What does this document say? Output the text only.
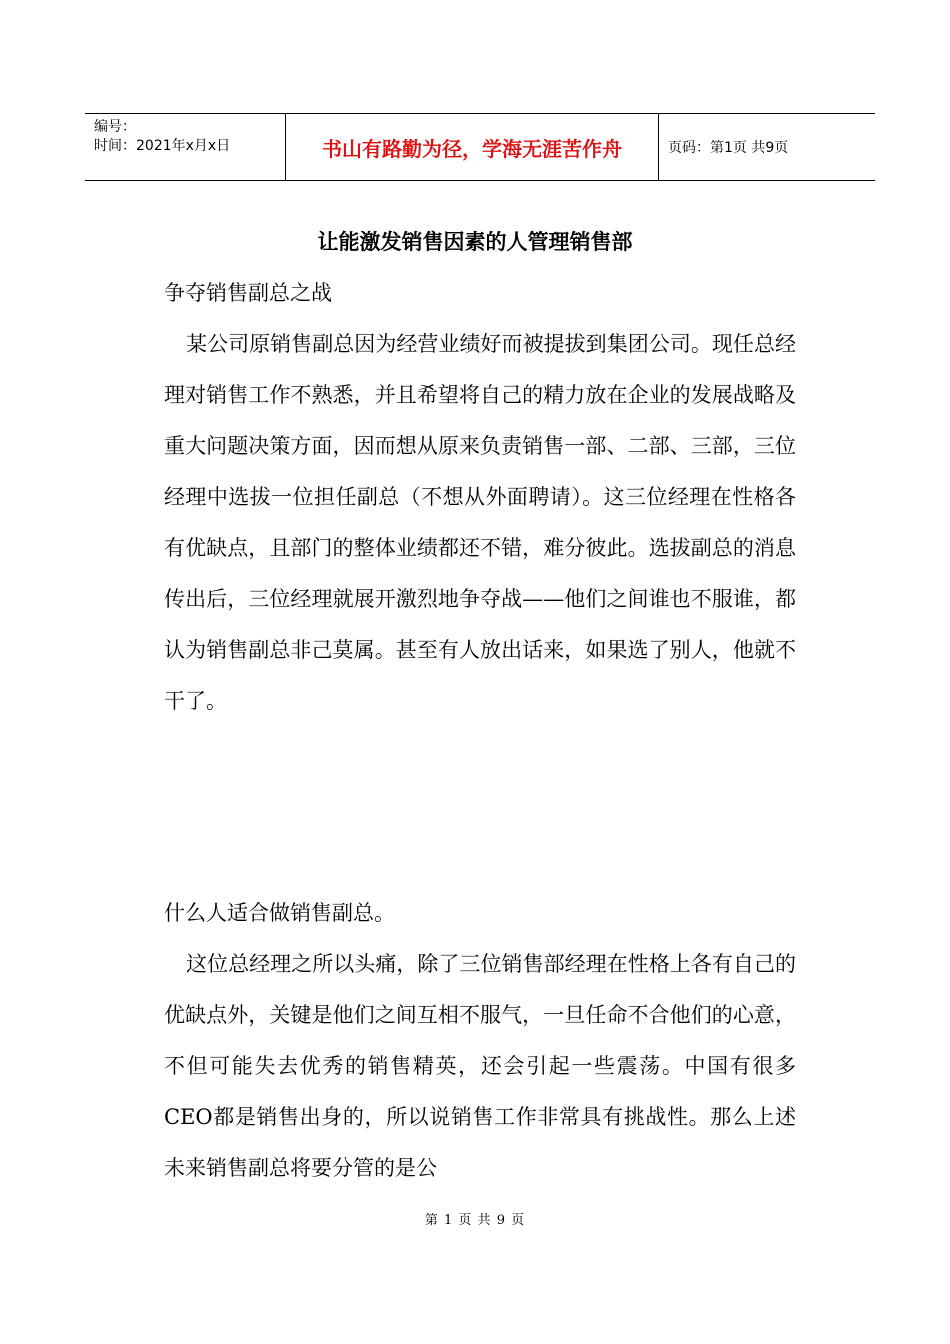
编号：
时间：2021年x月x日	书山有路勤为径，学海无涯苦作舟	页码：第1页 共9页
让能激发销售因素的人管理销售部

争夺销售副总之战

某公司原销售副总因为经营业绩好而被提拔到集团公司。现任总经理对销售工作不熟悉，并且希望将自己的精力放在企业的发展战略及重大问题决策方面，因而想从原来负责销售一部、二部、三部，三位经理中选拔一位担任副总（不想从外面聘请）。这三位经理在性格各有优缺点，且部门的整体业绩都还不错，难分彼此。选拔副总的消息传出后，三位经理就展开激烈地争夺战——他们之间谁也不服谁，都认为销售副总非己莫属。甚至有人放出话来，如果选了别人，他就不干了。

什么人适合做销售副总。

这位总经理之所以头痛，除了三位销售部经理在性格上各有自己的优缺点外，关键是他们之间互相不服气，一旦任命不合他们的心意，不但可能失去优秀的销售精英，还会引起一些震荡。中国有很多CEO都是销售出身的，所以说销售工作非常具有挑战性。那么上述未来销售副总将要分管的是公

第 1 页 共 9 页
